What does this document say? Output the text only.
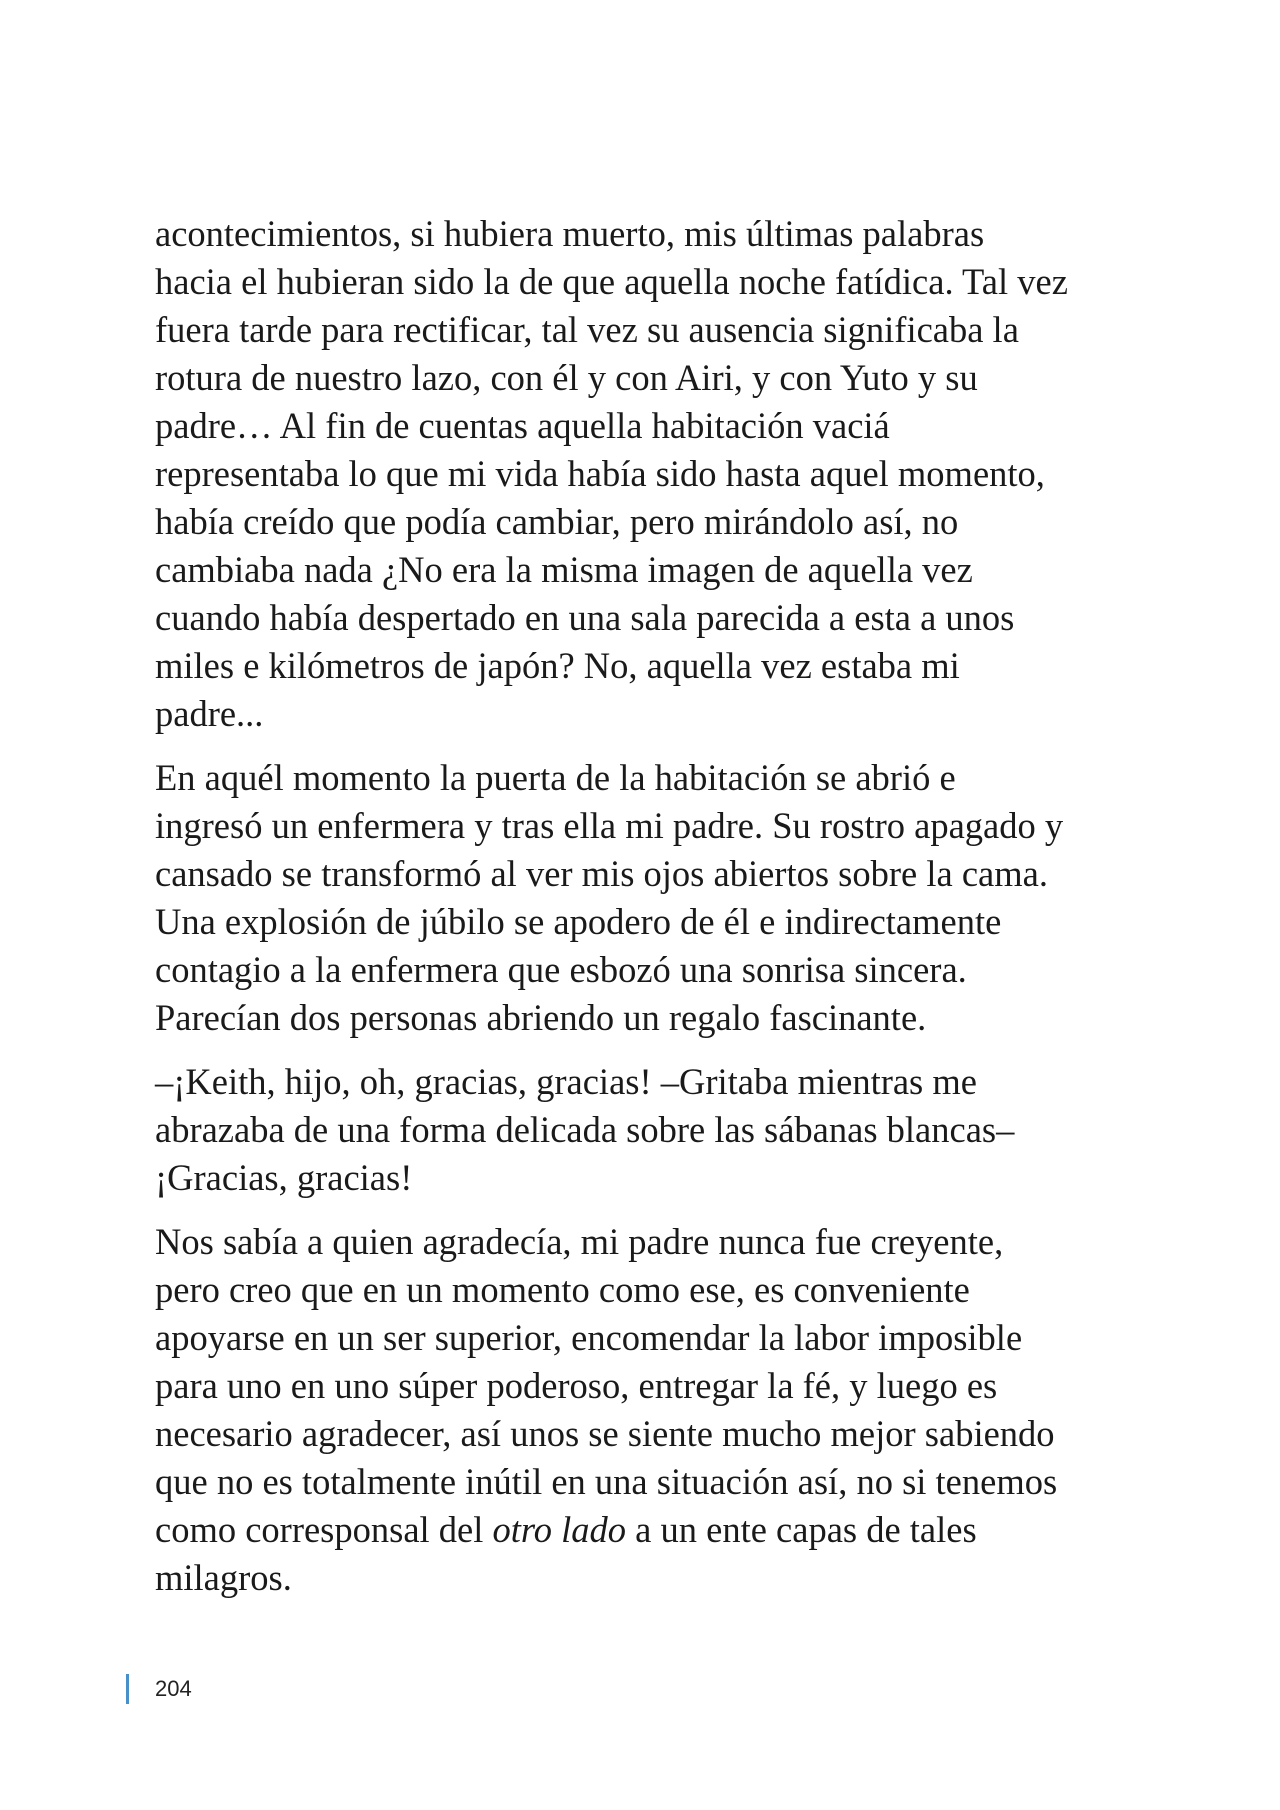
acontecimientos, si hubiera muerto, mis últimas palabras
hacia el hubieran sido la de que aquella noche fatídica. Tal vez
fuera tarde para rectificar, tal vez su ausencia significaba la
rotura de nuestro lazo, con él y con Airi, y con Yuto y su
padre… Al fin de cuentas aquella habitación vaciá
representaba lo que mi vida había sido hasta aquel momento,
había creído que podía cambiar, pero mirándolo así, no
cambiaba nada ¿No era la misma imagen de aquella vez
cuando había despertado en una sala parecida a esta a unos
miles e kilómetros de japón? No, aquella vez estaba mi
padre...

En aquél momento la puerta de la habitación se abrió e
ingresó un enfermera y tras ella mi padre. Su rostro apagado y
cansado se transformó al ver mis ojos abiertos sobre la cama.
Una explosión de júbilo se apodero de él e indirectamente
contagio a la enfermera que esbozó una sonrisa sincera.
Parecían dos personas abriendo un regalo fascinante.

–¡Keith, hijo, oh, gracias, gracias! –Gritaba mientras me
abrazaba de una forma delicada sobre las sábanas blancas–
¡Gracias, gracias!

Nos sabía a quien agradecía, mi padre nunca fue creyente,
pero creo que en un momento como ese, es conveniente
apoyarse en un ser superior, encomendar la labor imposible
para uno en uno súper poderoso, entregar la fé, y luego es
necesario agradecer, así unos se siente mucho mejor sabiendo
que no es totalmente inútil en una situación así, no si tenemos
como corresponsal del otro lado a un ente capas de tales
milagros.

204
